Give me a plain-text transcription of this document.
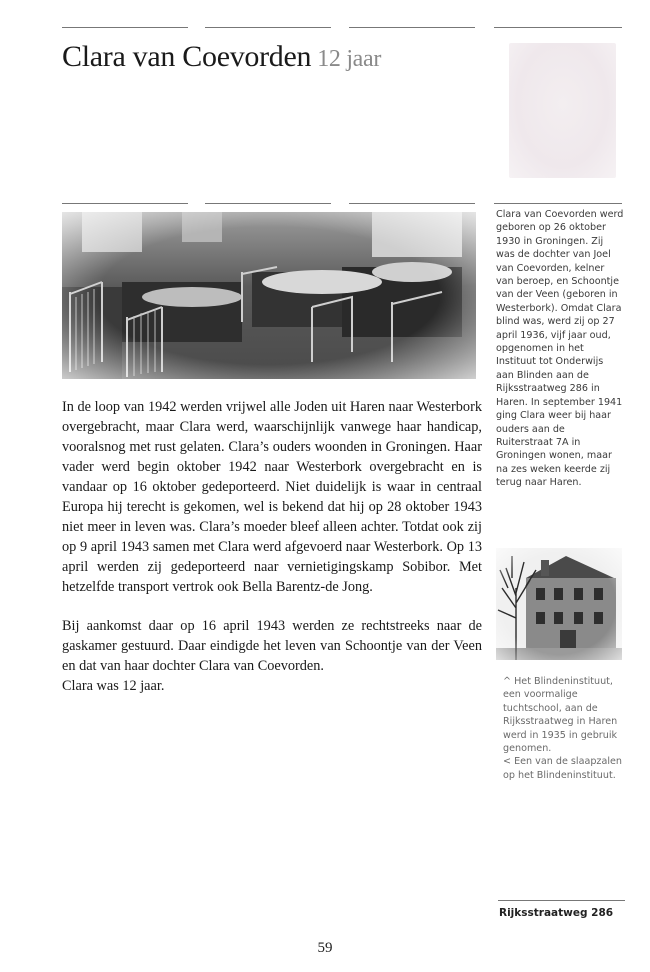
Clara van Coevorden 12 jaar

In de loop van 1942 werden vrijwel alle Joden uit Haren naar Westerbork overgebracht, maar Clara werd, waarschijnlijk vanwege haar handicap, vooralsnog met rust gelaten. Clara’s ouders woonden in Groningen. Haar vader werd begin oktober 1942 naar Westerbork overgebracht en is vandaar op 16 oktober gedeporteerd. Niet duidelijk is waar in centraal Europa hij terecht is gekomen, wel is bekend dat hij op 28 oktober 1943 niet meer in leven was. Clara’s moeder bleef alleen achter. Totdat ook zij op 9 april 1943 samen met Clara werd afgevoerd naar Westerbork. Op 13 april werden zij gedeporteerd naar vernietigingskamp Sobibor. Met hetzelfde transport vertrok ook Bella Barentz-de Jong.

Bij aankomst daar op 16 april 1943 werden ze rechtstreeks naar de gaskamer gestuurd. Daar eindigde het leven van Schoontje van der Veen en dat van haar dochter Clara van Coevorden.

Clara was 12 jaar.

Clara van Coevorden werd geboren op 26 oktober 1930 in Groningen. Zij was de dochter van Joel van Coevorden, kelner van beroep, en Schoontje van der Veen (geboren in Westerbork). Omdat Clara blind was, werd zij op 27 april 1936, vijf jaar oud, opgenomen in het Instituut tot Onderwijs aan Blinden aan de Rijksstraatweg 286 in Haren. In september 1941 ging Clara weer bij haar ouders aan de Ruiterstraat 7A in Groningen wonen, maar na zes weken keerde zij terug naar Haren.
^ Het Blindeninstituut, een voormalige tuchtschool, aan de Rijksstraatweg in Haren werd in 1935 in gebruik genomen.
< Een van de slaapzalen op het Blindeninstituut.
Rijksstraatweg 286
59
